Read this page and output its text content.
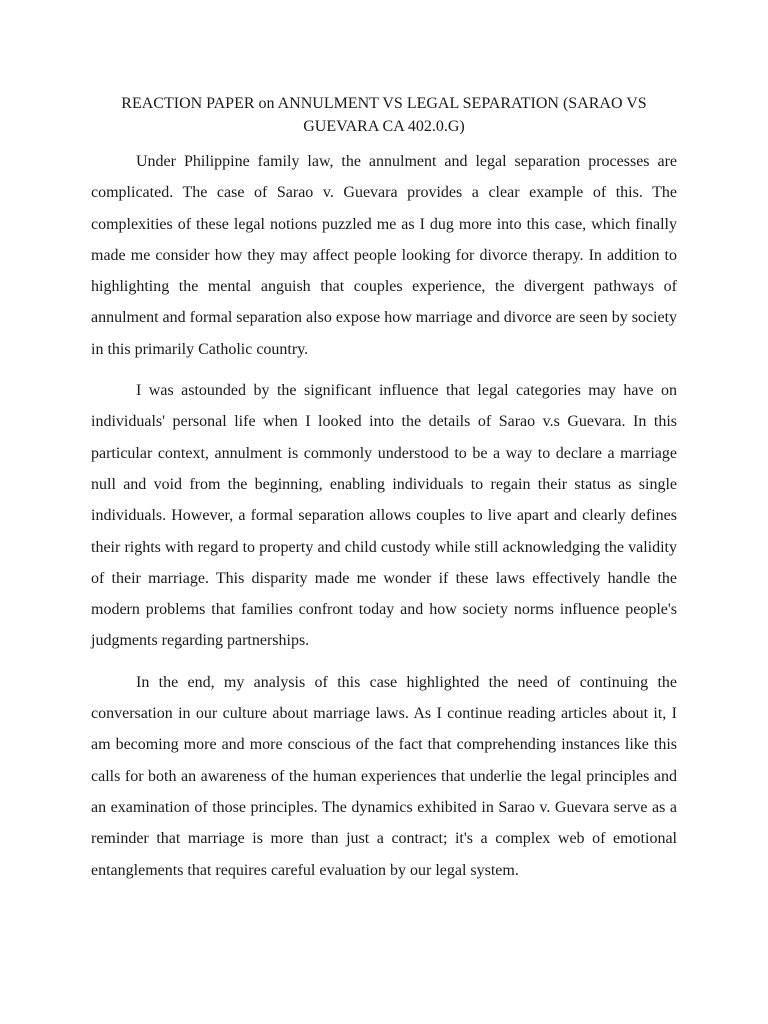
REACTION PAPER on ANNULMENT VS LEGAL SEPARATION (SARAO VS GUEVARA CA 402.0.G)

Under Philippine family law, the annulment and legal separation processes are complicated. The case of Sarao v. Guevara provides a clear example of this. The complexities of these legal notions puzzled me as I dug more into this case, which finally made me consider how they may affect people looking for divorce therapy. In addition to highlighting the mental anguish that couples experience, the divergent pathways of annulment and formal separation also expose how marriage and divorce are seen by society in this primarily Catholic country.

I was astounded by the significant influence that legal categories may have on individuals' personal life when I looked into the details of Sarao v.s Guevara. In this particular context, annulment is commonly understood to be a way to declare a marriage null and void from the beginning, enabling individuals to regain their status as single individuals. However, a formal separation allows couples to live apart and clearly defines their rights with regard to property and child custody while still acknowledging the validity of their marriage. This disparity made me wonder if these laws effectively handle the modern problems that families confront today and how society norms influence people's judgments regarding partnerships.

In the end, my analysis of this case highlighted the need of continuing the conversation in our culture about marriage laws. As I continue reading articles about it, I am becoming more and more conscious of the fact that comprehending instances like this calls for both an awareness of the human experiences that underlie the legal principles and an examination of those principles. The dynamics exhibited in Sarao v. Guevara serve as a reminder that marriage is more than just a contract; it's a complex web of emotional entanglements that requires careful evaluation by our legal system.
